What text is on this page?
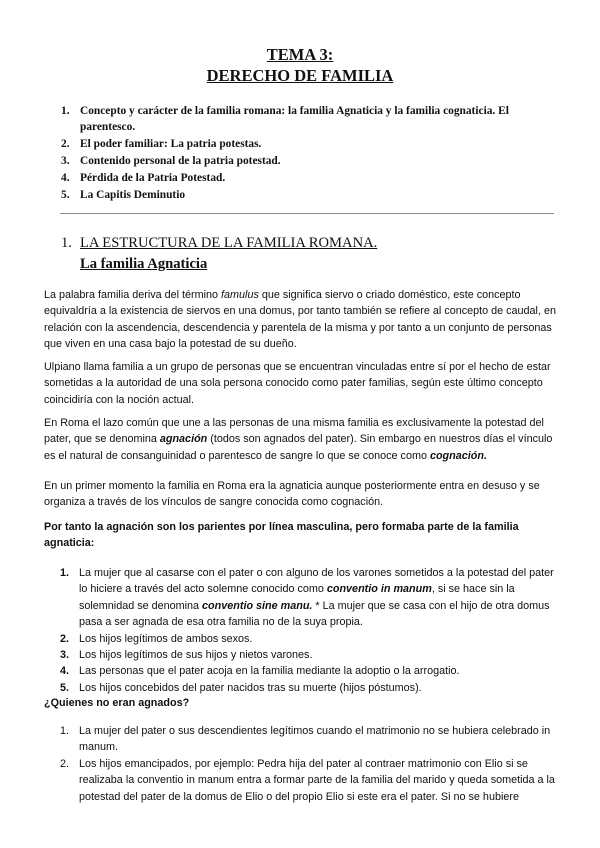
TEMA 3:
DERECHO DE FAMILIA
1. Concepto y carácter de la familia romana: la familia Agnaticia y la familia cognaticia. El parentesco.
2. El poder familiar: La patria potestas.
3. Contenido personal de la patria potestad.
4. Pérdida de la Patria Potestad.
5. La Capitis Deminutio
1. LA ESTRUCTURA DE LA FAMILIA ROMANA.
La familia Agnaticia

La palabra familia deriva del término famulus que significa siervo o criado doméstico, este concepto equivaldría a la existencia de siervos en una domus, por tanto también se refiere al concepto de caudal, en relación con la ascendencia, descendencia y parentela de la misma y por tanto a un conjunto de personas que viven en una casa bajo la potestad de su dueño.

Ulpiano llama familia a un grupo de personas que se encuentran vinculadas entre sí por el hecho de estar sometidas a la autoridad de una sola persona conocido como pater familias, según este último concepto coincidiría con la noción actual.

En Roma el lazo común que une a las personas de una misma familia es exclusivamente la potestad del pater, que se denomina agnación (todos son agnados del pater). Sin embargo en nuestros días el vínculo es el natural de consanguinidad o parentesco de sangre lo que se conoce como cognación.

En un primer momento la familia en Roma era la agnaticia aunque posteriormente entra en desuso y se organiza a través de los vínculos de sangre conocida como cognación.

Por tanto la agnación son los parientes por línea masculina, pero formaba parte de la familia agnaticia:

1. La mujer que al casarse con el pater o con alguno de los varones sometidos a la potestad del pater lo hiciere a través del acto solemne conocido como conventio in manum, si se hace sin la solemnidad se denomina conventio sine manu. * La mujer que se casa con el hijo de otra domus pasa a ser agnada de esa otra familia no de la suya propia.
2. Los hijos legítimos de ambos sexos.
3. Los hijos legítimos de sus hijos y nietos varones.
4. Las personas que el pater acoja en la familia mediante la adoptio o la arrogatio.
5. Los hijos concebidos del pater nacidos tras su muerte (hijos póstumos).
¿Quienes no eran agnados?
1. La mujer del pater o sus descendientes legítimos cuando el matrimonio no se hubiera celebrado in manum.
2. Los hijos emancipados, por ejemplo: Pedra hija del pater al contraer matrimonio con Elio si se realizaba la conventio in manum entra a formar parte de la familia del marido y queda sometida a la potestad del pater de la domus de Elio o del propio Elio si este era el pater. Si no se hubiere
